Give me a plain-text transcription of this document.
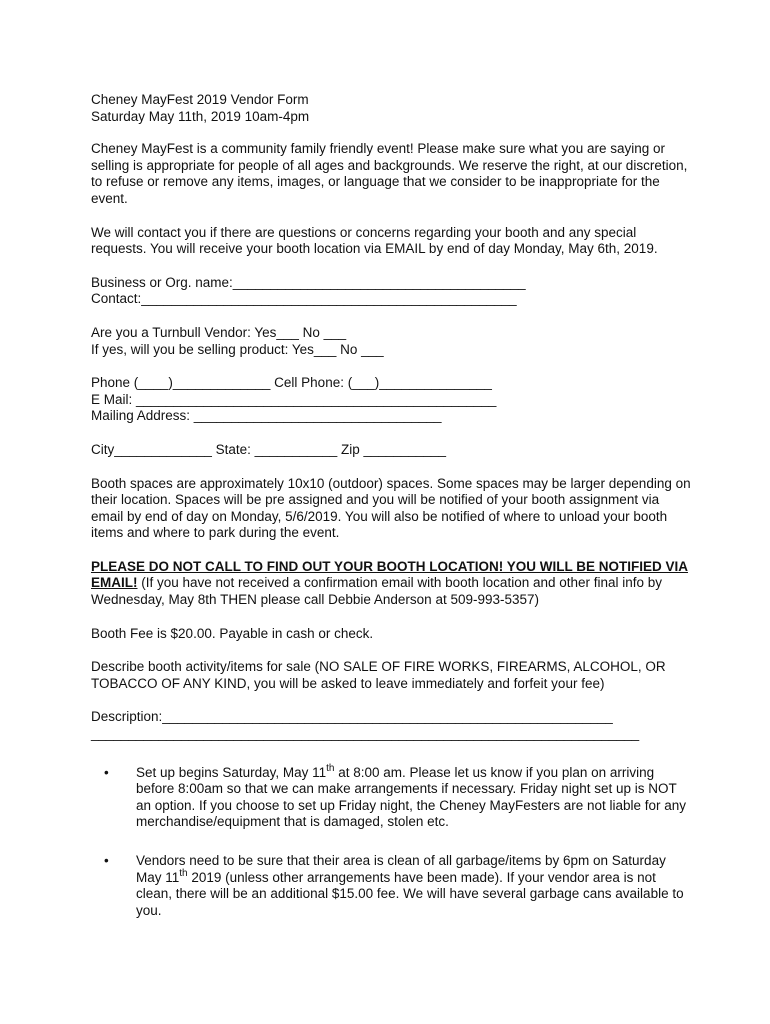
Cheney MayFest 2019 Vendor Form

Saturday May 11th, 2019 10am-4pm

Cheney MayFest is a community family friendly event! Please make sure what you are saying or selling is appropriate for people of all ages and backgrounds. We reserve the right, at our discretion, to refuse or remove any items, images, or language that we consider to be inappropriate for the event.

We will contact you if there are questions or concerns regarding your booth and any special requests. You will receive your booth location via EMAIL by end of day Monday, May 6th, 2019.

Business or Org. name:_______________________________________

Contact:__________________________________________________

Are you a Turnbull Vendor: Yes___ No ___

If yes, will you be selling product: Yes___ No ___

Phone (____)_____________ Cell Phone: (___)_______________

E Mail: ________________________________________________

Mailing Address: _________________________________

City_____________ State: ___________ Zip ___________

Booth spaces are approximately 10x10 (outdoor) spaces. Some spaces may be larger depending on their location. Spaces will be pre assigned and you will be notified of your booth assignment via email by end of day on Monday, 5/6/2019. You will also be notified of where to unload your booth items and where to park during the event.

PLEASE DO NOT CALL TO FIND OUT YOUR BOOTH LOCATION! YOU WILL BE NOTIFIED VIA EMAIL! (If you have not received a confirmation email with booth location and other final info by Wednesday, May 8th THEN please call Debbie Anderson at 509-993-5357)

Booth Fee is $20.00. Payable in cash or check.

Describe booth activity/items for sale (NO SALE OF FIRE WORKS, FIREARMS, ALCOHOL, OR TOBACCO OF ANY KIND, you will be asked to leave immediately and forfeit your fee)

Description:____________________________________________________________

_________________________________________________________________________

• Set up begins Saturday, May 11th at 8:00 am. Please let us know if you plan on arriving before 8:00am so that we can make arrangements if necessary. Friday night set up is NOT an option. If you choose to set up Friday night, the Cheney MayFesters are not liable for any merchandise/equipment that is damaged, stolen etc.

• Vendors need to be sure that their area is clean of all garbage/items by 6pm on Saturday May 11th 2019 (unless other arrangements have been made). If your vendor area is not clean, there will be an additional $15.00 fee. We will have several garbage cans available to you.
